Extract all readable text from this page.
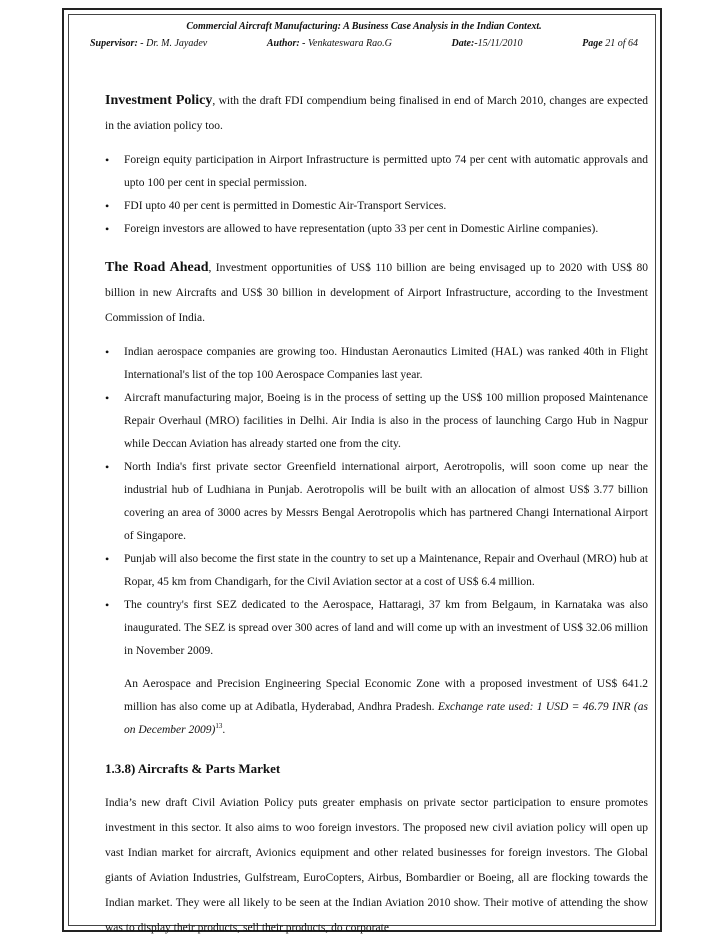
Commercial Aircraft Manufacturing: A Business Case Analysis in the Indian Context.
Supervisor: - Dr. M. Jayadev	Author: - Venkateswara Rao.G	Date:-15/11/2010	Page 21 of 64

Investment Policy, with the draft FDI compendium being finalised in end of March 2010, changes are expected in the aviation policy too.

• Foreign equity participation in Airport Infrastructure is permitted upto 74 per cent with automatic approvals and upto 100 per cent in special permission.
• FDI upto 40 per cent is permitted in Domestic Air-Transport Services.
• Foreign investors are allowed to have representation (upto 33 per cent in Domestic Airline companies).

The Road Ahead, Investment opportunities of US$ 110 billion are being envisaged up to 2020 with US$ 80 billion in new Aircrafts and US$ 30 billion in development of Airport Infrastructure, according to the Investment Commission of India.

• Indian aerospace companies are growing too. Hindustan Aeronautics Limited (HAL) was ranked 40th in Flight International's list of the top 100 Aerospace Companies last year.
• Aircraft manufacturing major, Boeing is in the process of setting up the US$ 100 million proposed Maintenance Repair Overhaul (MRO) facilities in Delhi. Air India is also in the process of launching Cargo Hub in Nagpur while Deccan Aviation has already started one from the city.
• North India's first private sector Greenfield international airport, Aerotropolis, will soon come up near the industrial hub of Ludhiana in Punjab. Aerotropolis will be built with an allocation of almost US$ 3.77 billion covering an area of 3000 acres by Messrs Bengal Aerotropolis which has partnered Changi International Airport of Singapore.
• Punjab will also become the first state in the country to set up a Maintenance, Repair and Overhaul (MRO) hub at Ropar, 45 km from Chandigarh, for the Civil Aviation sector at a cost of US$ 6.4 million.
• The country's first SEZ dedicated to the Aerospace, Hattaragi, 37 km from Belgaum, in Karnataka was also inaugurated. The SEZ is spread over 300 acres of land and will come up with an investment of US$ 32.06 million in November 2009.

An Aerospace and Precision Engineering Special Economic Zone with a proposed investment of US$ 641.2 million has also come up at Adibatla, Hyderabad, Andhra Pradesh. Exchange rate used: 1 USD = 46.79 INR (as on December 2009)$^{13}$.

1.3.8) Aircrafts & Parts Market

India’s new draft Civil Aviation Policy puts greater emphasis on private sector participation to ensure promotes investment in this sector. It also aims to woo foreign investors. The proposed new civil aviation policy will open up vast Indian market for aircraft, Avionics equipment and other related businesses for foreign investors. The Global giants of Aviation Industries, Gulfstream, EuroCopters, Airbus, Bombardier or Boeing, all are flocking towards the Indian market. They were all likely to be seen at the Indian Aviation 2010 show. Their motive of attending the show was to display their products, sell their products, do corporate
